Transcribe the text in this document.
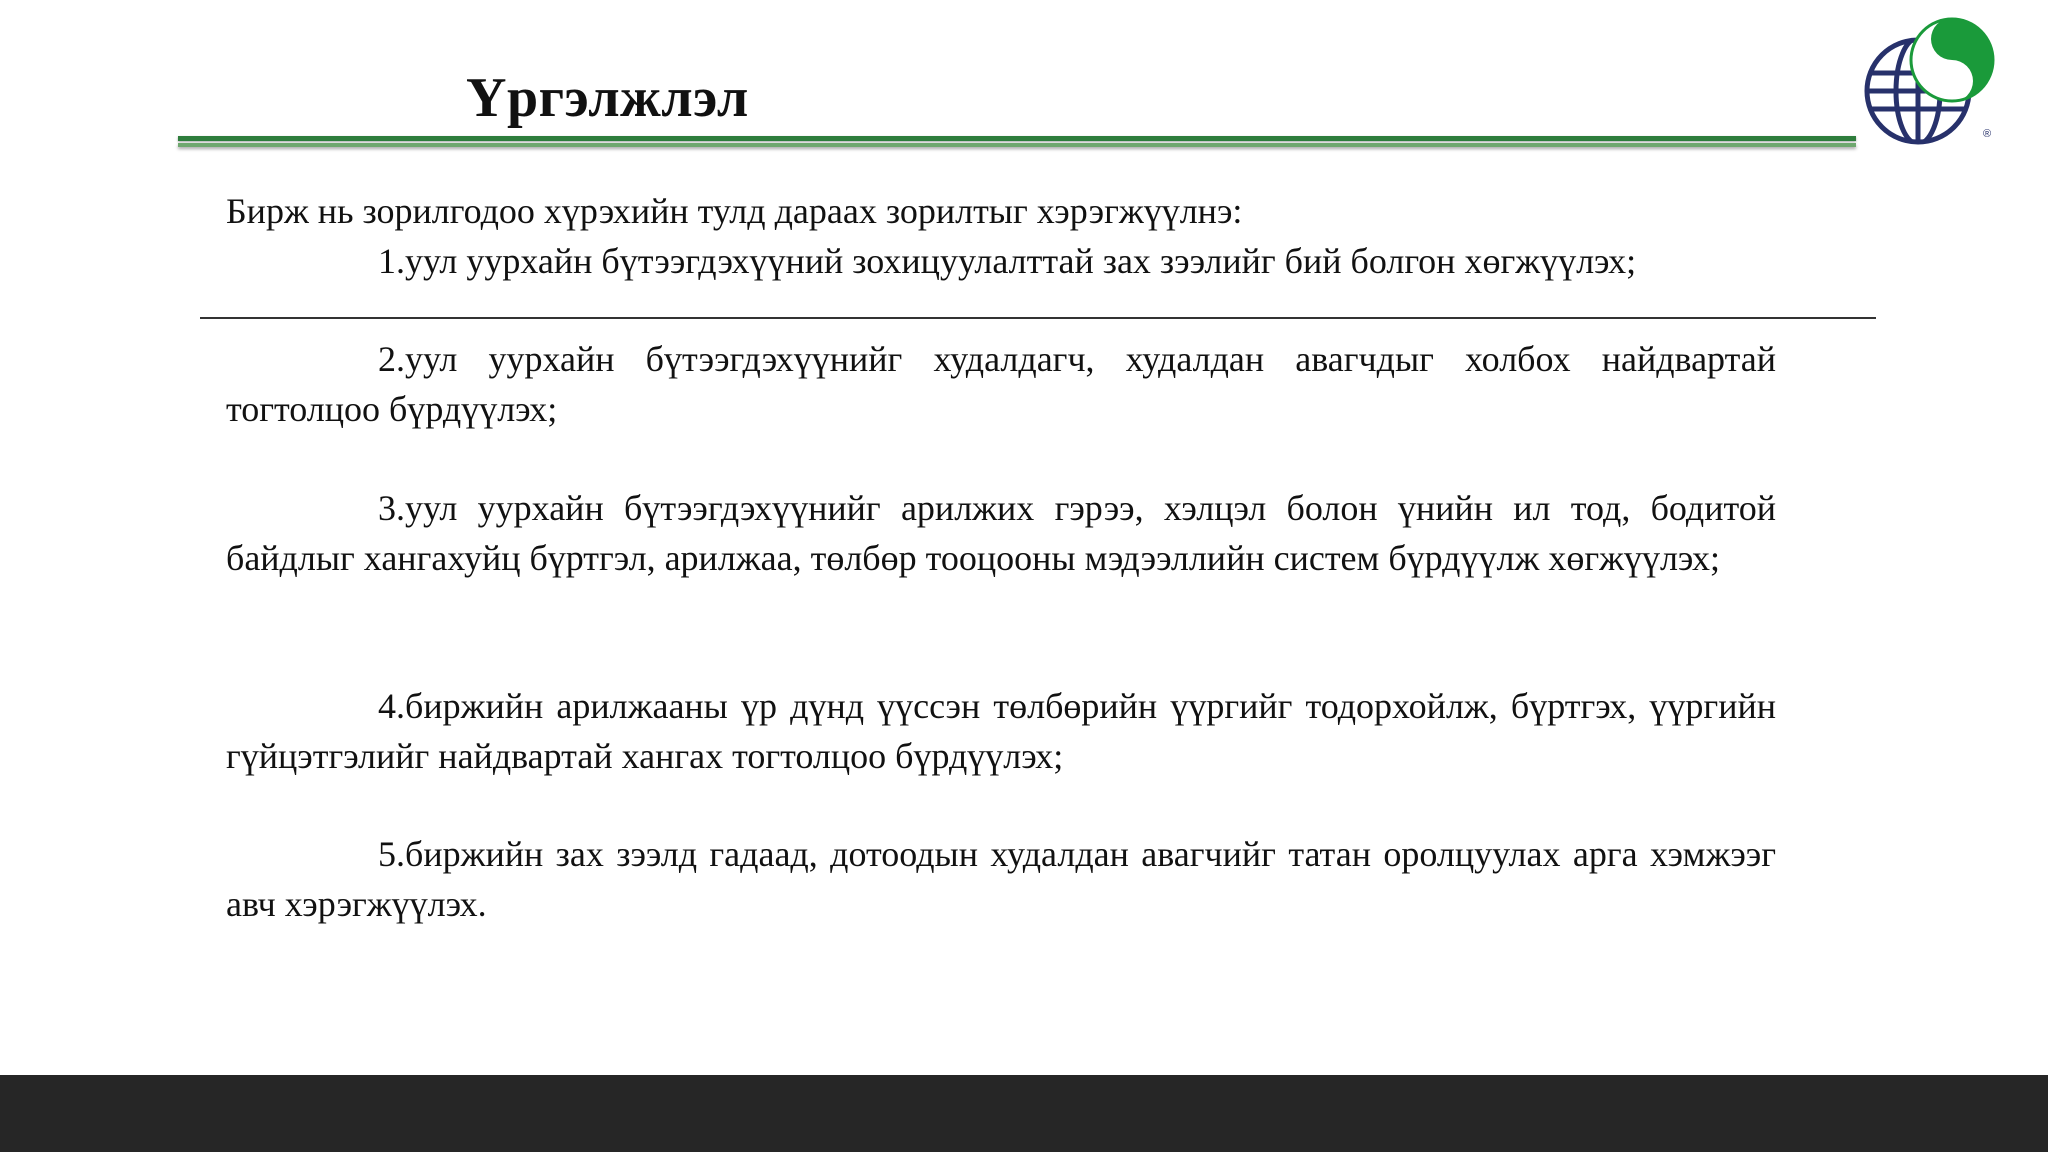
Үргэлжлэл
®
Бирж нь зорилгодоо хүрэхийн тулд дараах зорилтыг хэрэгжүүлнэ:
1.уул уурхайн бүтээгдэхүүний зохицуулалттай зах зээлийг бий болгон хөгжүүлэх;

2.уул уурхайн бүтээгдэхүүнийг худалдагч, худалдан авагчдыг холбох найдвартай тогтолцоо бүрдүүлэх;

3.уул уурхайн бүтээгдэхүүнийг арилжих гэрээ, хэлцэл болон үнийн ил тод, бодитой байдлыг хангахуйц бүртгэл, арилжаа, төлбөр тооцооны мэдээллийн систем бүрдүүлж хөгжүүлэх;

4.биржийн арилжааны үр дүнд үүссэн төлбөрийн үүргийг тодорхойлж, бүртгэх, үүргийн гүйцэтгэлийг найдвартай хангах тогтолцоо бүрдүүлэх;

5.биржийн зах зээлд гадаад, дотоодын худалдан авагчийг татан оролцуулах арга хэмжээг авч хэрэгжүүлэх.
